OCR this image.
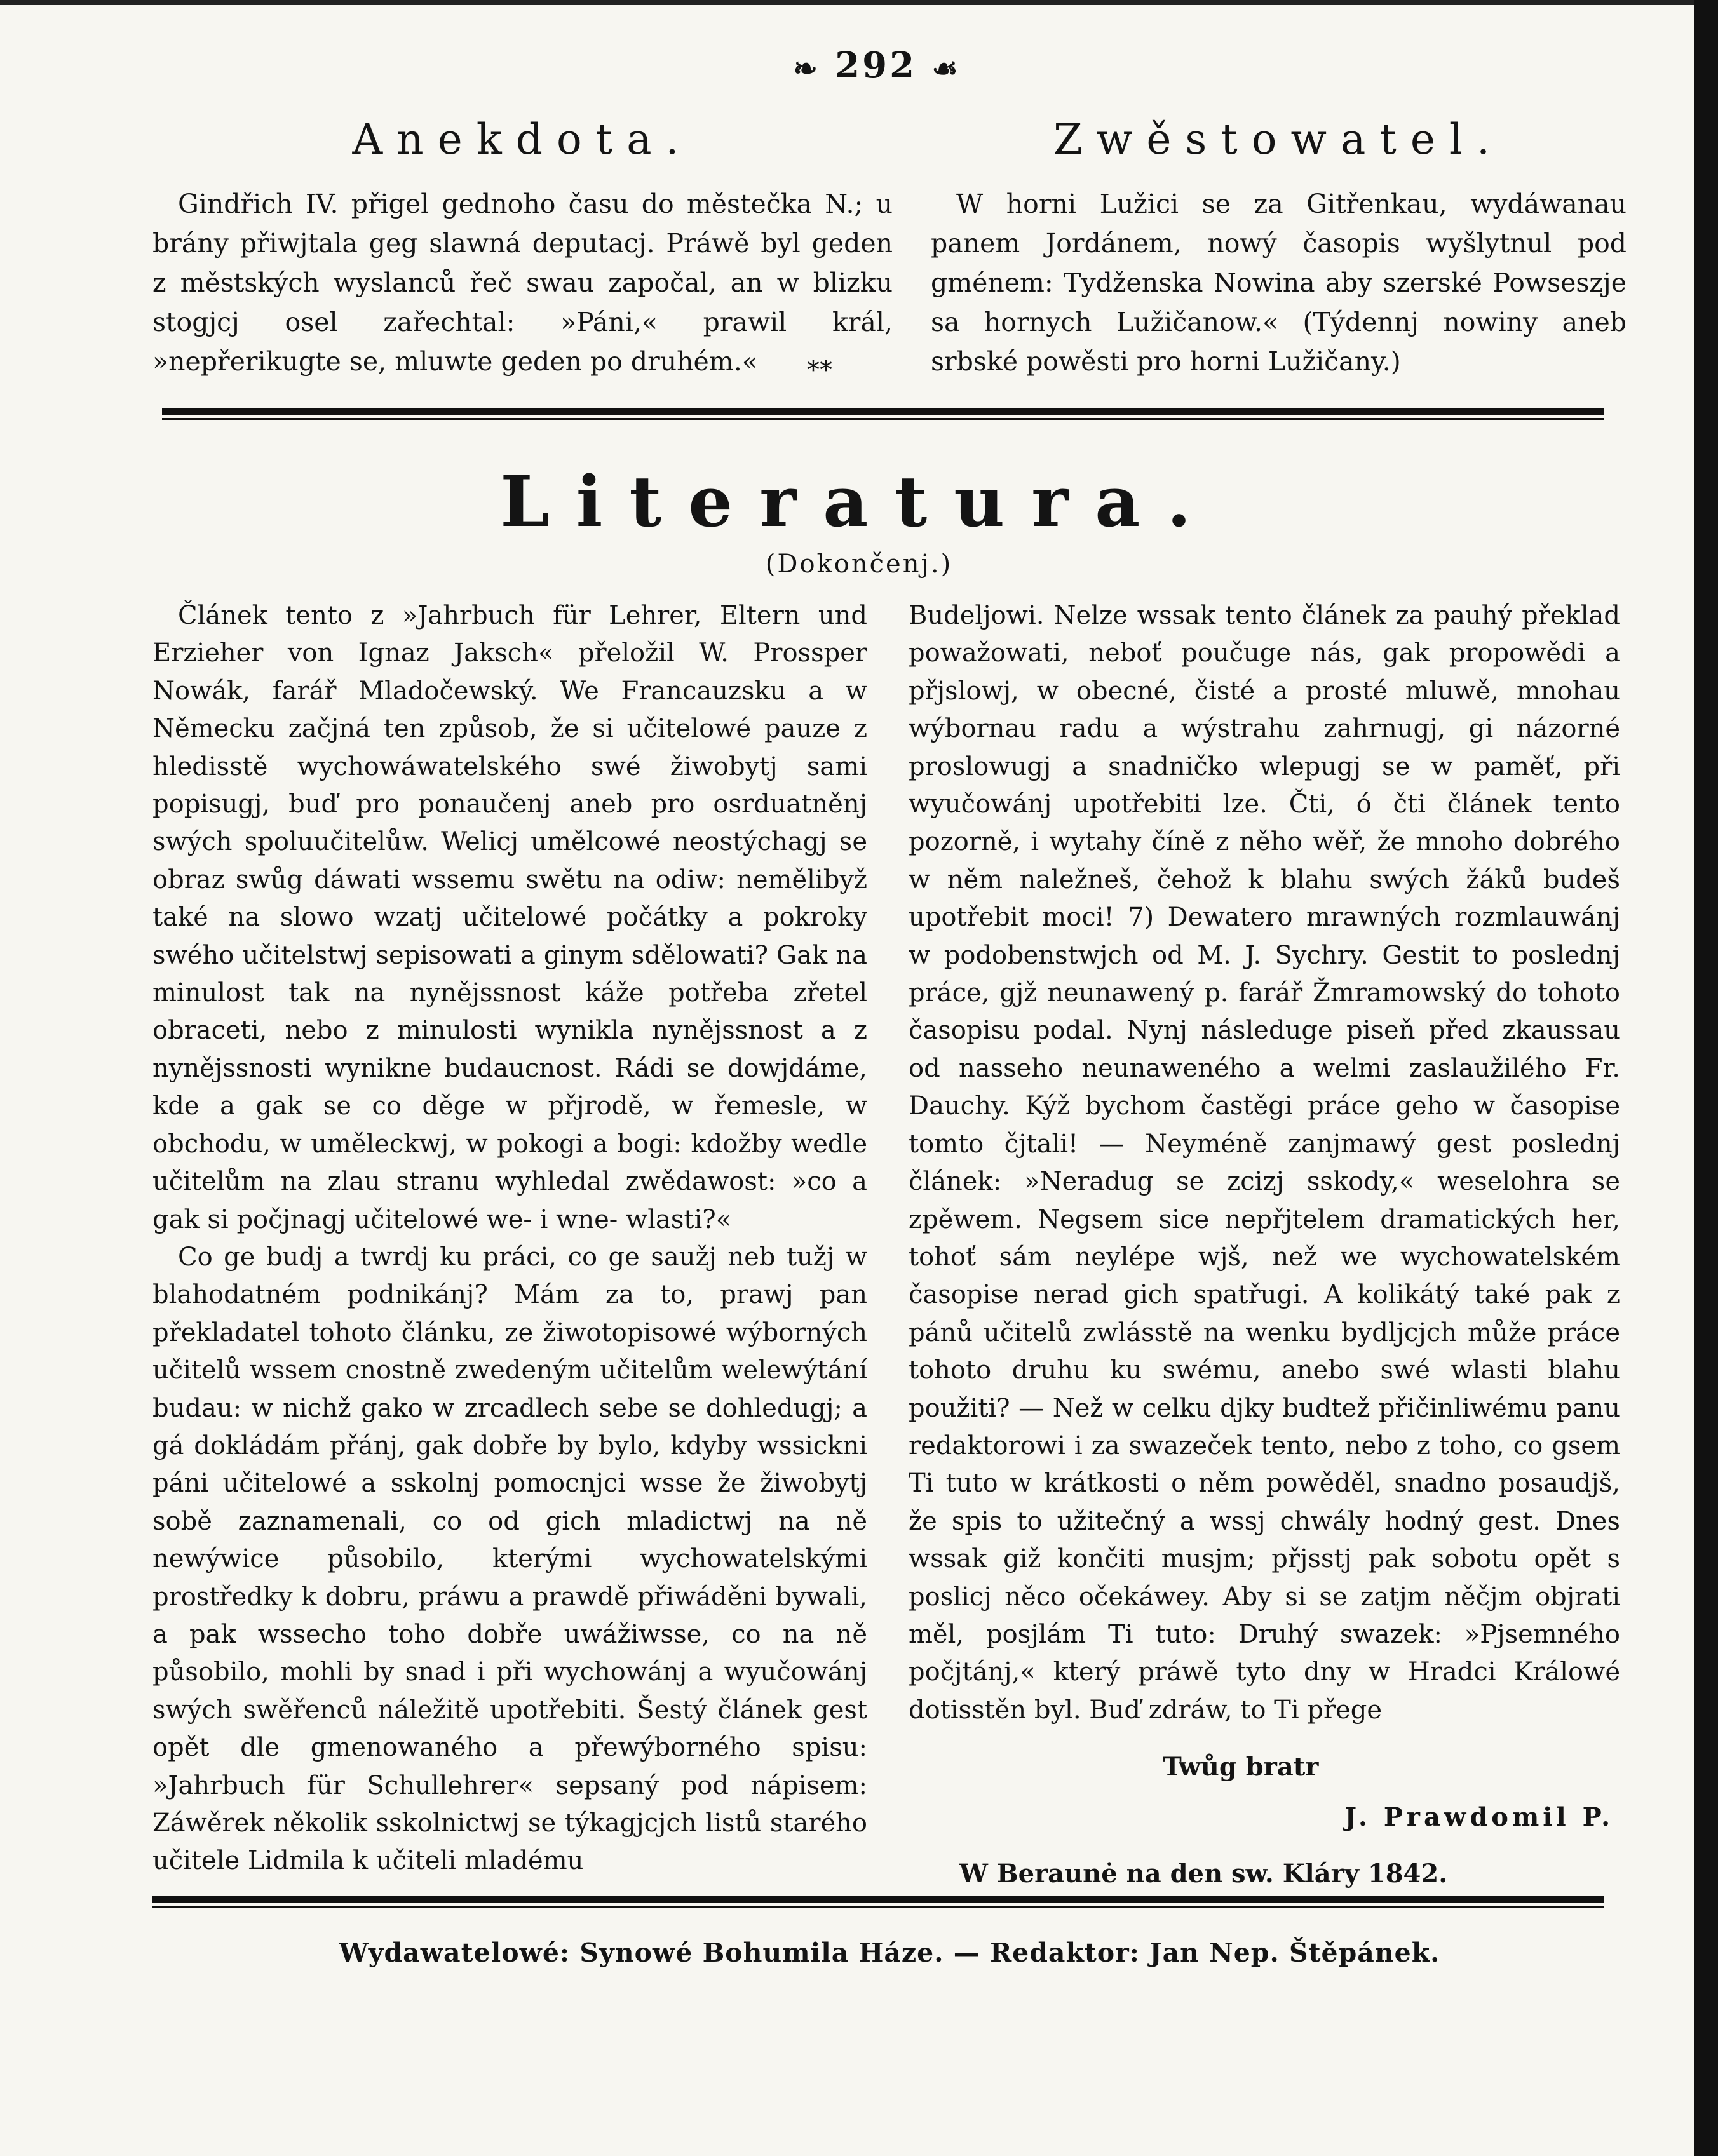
❧ 292 ☙
Anekdota.

Gindřich IV. přigel gednoho času do městečka N.; u brány přiwjtala geg slawná deputacj. Práwě byl geden z městských wyslanců řeč swau započal, an w blizku stogjcj osel zařechtal: »Páni,« prawil král, »nepřerikugte se, mluwte geden po druhém.«	**
Zwěstowatel.

W horni Lužici se za Gitřenkau, wydáwanau panem Jordánem, nowý časopis wyšlytnul pod gménem: Tydženska Nowina aby szerské Powseszje sa hornych Lužičanow.« (Týdennj nowiny aneb srbské powěsti pro horni Lužičany.)

Literatura.
(Dokončenj.)

Článek tento z »Jahrbuch für Lehrer, Eltern und Erzieher von Ignaz Jaksch« přeložil W. Prossper Nowák, farář Mladočewský. We Francauzsku a w Německu začjná ten způsob, že si učitelowé pauze z hledisstě wychowáwatelského swé žiwobytj sami popisugj, buď pro ponaučenj aneb pro osrduatněnj swých spoluučitelůw. Welicj umělcowé neostýchagj se obraz swůg dáwati wssemu swětu na odiw: nemělibyž také na slowo wzatj učitelowé počátky a pokroky swého učitelstwj sepisowati a ginym sdělowati? Gak na minulost tak na nynějssnost káže potřeba zřetel obraceti, nebo z minulosti wynikla nynějssnost a z nynějssnosti wynikne budaucnost. Rádi se dowjdáme, kde a gak se co děge w přjrodě, w řemesle, w obchodu, w uměleckwj, w pokogi a bogi: kdožby wedle učitelům na zlau stranu wyhledal zwědawost: »co a gak si počjnagj učitelowé we- i wne- wlasti?«

Co ge budj a twrdj ku práci, co ge saužj neb tužj w blahodatném podnikánj? Mám za to, prawj pan překladatel tohoto článku, ze žiwotopisowé wýborných učitelů wssem cnostně zwedeným učitelům welewýtání budau: w nichž gako w zrcadlech sebe se dohledugj; a gá dokládám přánj, gak dobře by bylo, kdyby wssickni páni učitelowé a sskolnj pomocnjci wsse že žiwobytj sobě zaznamenali, co od gich mladictwj na ně newýwice působilo, kterými wychowatelskými prostředky k dobru, práwu a prawdě přiwáděni bywali, a pak wssecho toho dobře uwážiwsse, co na ně působilo, mohli by snad i při wychowánj a wyučowánj swých swěřenců náležitě upotřebiti. Šestý článek gest opět dle gmenowaného a přewýborného spisu: »Jahrbuch für Schullehrer« sepsaný pod nápisem: Záwěrek několik sskolnictwj se týkagjcjch listů starého učitele Lidmila k učiteli mladému

Budeljowi. Nelze wssak tento článek za pauhý překlad powažowati, neboť poučuge nás, gak propowědi a přjslowj, w obecné, čisté a prosté mluwě, mnohau wýbornau radu a wýstrahu zahrnugj, gi názorné proslowugj a snadničko wlepugj se w paměť, při wyučowánj upotřebiti lze. Čti, ó čti článek tento pozorně, i wytahy číně z něho wěř, že mnoho dobrého w něm naležneš, čehož k blahu swých žáků budeš upotřebit moci! 7) Dewatero mrawných rozmlauwánj w podobenstwjch od M. J. Sychry. Gestit to poslednj práce, gjž neunawený p. farář Žmramowský do tohoto časopisu podal. Nynj následuge piseň před zkaussau od nasseho neunaweného a welmi zaslaužilého Fr. Dauchy. Kýž bychom častěgi práce geho w časopise tomto čjtali! — Neyméně zanjmawý gest poslednj článek: »Neradug se zcizj sskody,« weselohra se zpěwem. Negsem sice nepřjtelem dramatických her, tohoť sám neylépe wjš, než we wychowatelském časopise nerad gich spatřugi. A kolikátý také pak z pánů učitelů zwlásstě na wenku bydljcjch může práce tohoto druhu ku swému, anebo swé wlasti blahu použiti? — Než w celku djky budtež přičinliwému panu redaktorowi i za swazeček tento, nebo z toho, co gsem Ti tuto w krátkosti o něm powěděl, snadno posaudjš, že spis to užitečný a wssj chwály hodný gest. Dnes wssak giž končiti musjm; přjsstj pak sobotu opět s poslicj něco očekáwey. Aby si se zatjm něčjm objrati měl, posjlám Ti tuto: Druhý swazek: »Pjsemného počjtánj,« který práwě tyto dny w Hradci Králowé dotisstěn byl. Buď zdráw, to Ti přege

Twůg bratr
J. Prawdomil P.
W Beraunė na den sw. Kláry 1842.
Wydawatelowé: Synowé Bohumila Háze. — Redaktor: Jan Nep. Štěpánek.
